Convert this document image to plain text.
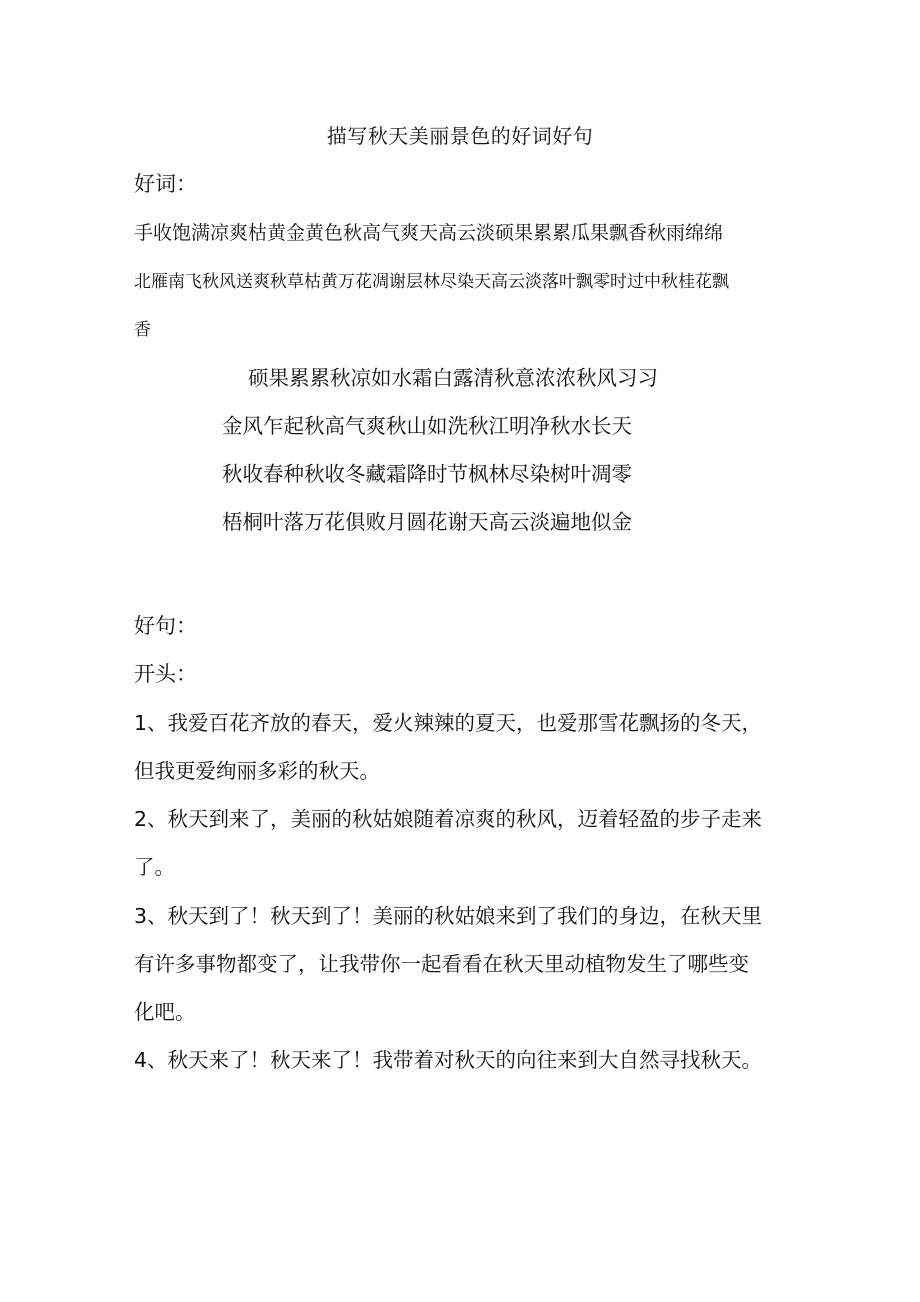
描写秋天美丽景色的好词好句
好词：
手收饱满凉爽枯黄金黄色秋高气爽天高云淡硕果累累瓜果飘香秋雨绵绵
北雁南飞秋风送爽秋草枯黄万花凋谢层林尽染天高云淡落叶飘零时过中秋桂花飘
香
硕果累累秋凉如水霜白露清秋意浓浓秋风习习
金风乍起秋高气爽秋山如洗秋江明净秋水长天
秋收春种秋收冬藏霜降时节枫林尽染树叶凋零
梧桐叶落万花俱败月圆花谢天高云淡遍地似金
好句：
开头：
1、我爱百花齐放的春天，爱火辣辣的夏天，也爱那雪花飘扬的冬天，
但我更爱绚丽多彩的秋天。
2、秋天到来了，美丽的秋姑娘随着凉爽的秋风，迈着轻盈的步子走来
了。
3、秋天到了！秋天到了！美丽的秋姑娘来到了我们的身边，在秋天里
有许多事物都变了，让我带你一起看看在秋天里动植物发生了哪些变
化吧。
4、秋天来了！秋天来了！我带着对秋天的向往来到大自然寻找秋天。
